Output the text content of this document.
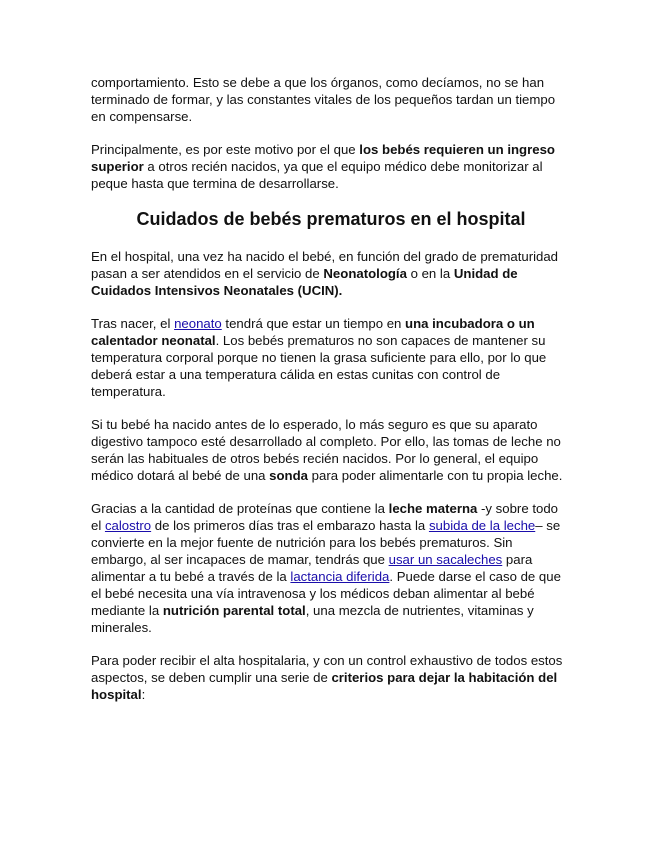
comportamiento. Esto se debe a que los órganos, como decíamos, no se han terminado de formar, y las constantes vitales de los pequeños tardan un tiempo en compensarse.

Principalmente, es por este motivo por el que los bebés requieren un ingreso superior a otros recién nacidos, ya que el equipo médico debe monitorizar al peque hasta que termina de desarrollarse.

Cuidados de bebés prematuros en el hospital

En el hospital, una vez ha nacido el bebé, en función del grado de prematuridad pasan a ser atendidos en el servicio de Neonatología o en la Unidad de Cuidados Intensivos Neonatales (UCIN).

Tras nacer, el neonato tendrá que estar un tiempo en una incubadora o un calentador neonatal. Los bebés prematuros no son capaces de mantener su temperatura corporal porque no tienen la grasa suficiente para ello, por lo que deberá estar a una temperatura cálida en estas cunitas con control de temperatura.

Si tu bebé ha nacido antes de lo esperado, lo más seguro es que su aparato digestivo tampoco esté desarrollado al completo. Por ello, las tomas de leche no serán las habituales de otros bebés recién nacidos. Por lo general, el equipo médico dotará al bebé de una sonda para poder alimentarle con tu propia leche.

Gracias a la cantidad de proteínas que contiene la leche materna -y sobre todo el calostro de los primeros días tras el embarazo hasta la subida de la leche– se convierte en la mejor fuente de nutrición para los bebés prematuros. Sin embargo, al ser incapaces de mamar, tendrás que usar un sacaleches para alimentar a tu bebé a través de la lactancia diferida. Puede darse el caso de que el bebé necesita una vía intravenosa y los médicos deban alimentar al bebé mediante la nutrición parental total, una mezcla de nutrientes, vitaminas y minerales.

Para poder recibir el alta hospitalaria, y con un control exhaustivo de todos estos aspectos, se deben cumplir una serie de criterios para dejar la habitación del hospital:
